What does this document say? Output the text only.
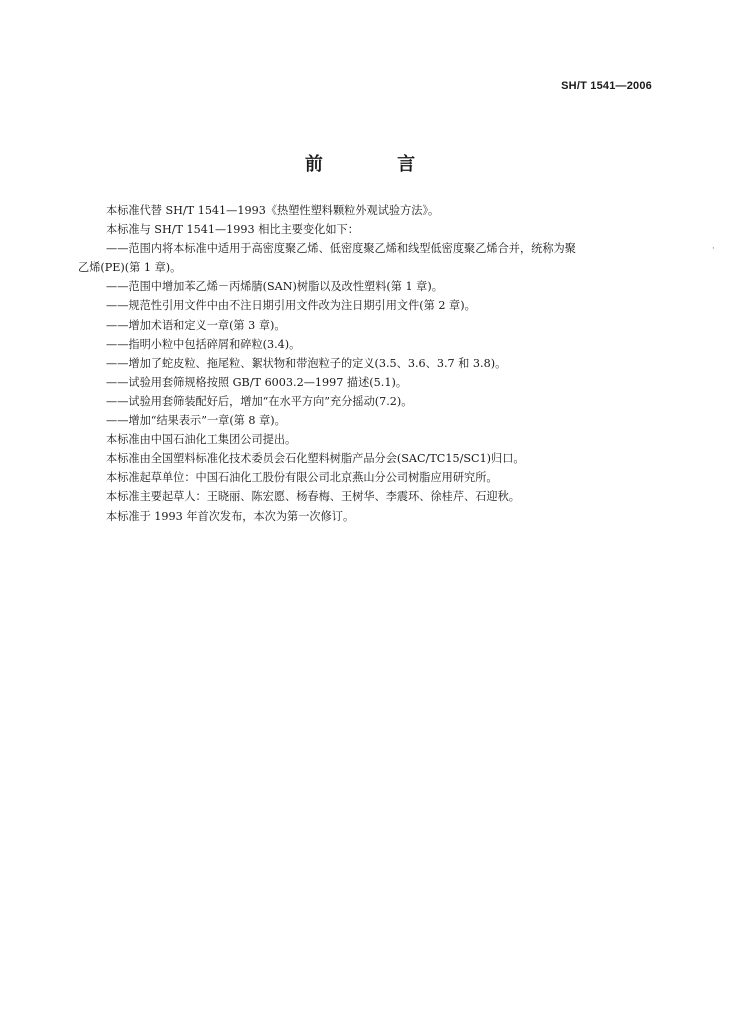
SH/T 1541—2006
前 言
本标准代替 SH/T 1541—1993《热塑性塑料颗粒外观试验方法》。
本标准与 SH/T 1541—1993 相比主要变化如下：
——范围内将本标准中适用于高密度聚乙烯、低密度聚乙烯和线型低密度聚乙烯合并，统称为聚
乙烯(PE)(第 1 章)。
——范围中增加苯乙烯－丙烯腈(SAN)树脂以及改性塑料(第 1 章)。
——规范性引用文件中由不注日期引用文件改为注日期引用文件(第 2 章)。
——增加术语和定义一章(第 3 章)。
——指明小粒中包括碎屑和碎粒(3.4)。
——增加了蛇皮粒、拖尾粒、絮状物和带泡粒子的定义(3.5、3.6、3.7 和 3.8)。
——试验用套筛规格按照 GB/T 6003.2—1997 描述(5.1)。
——试验用套筛装配好后，增加“在水平方向”充分摇动(7.2)。
——增加“结果表示”一章(第 8 章)。
本标准由中国石油化工集团公司提出。
本标准由全国塑料标准化技术委员会石化塑料树脂产品分会(SAC/TC15/SC1)归口。
本标准起草单位：中国石油化工股份有限公司北京燕山分公司树脂应用研究所。
本标准主要起草人：王晓丽、陈宏愿、杨春梅、王树华、李震环、徐桂芹、石迎秋。
本标准于 1993 年首次发布，本次为第一次修订。
·
